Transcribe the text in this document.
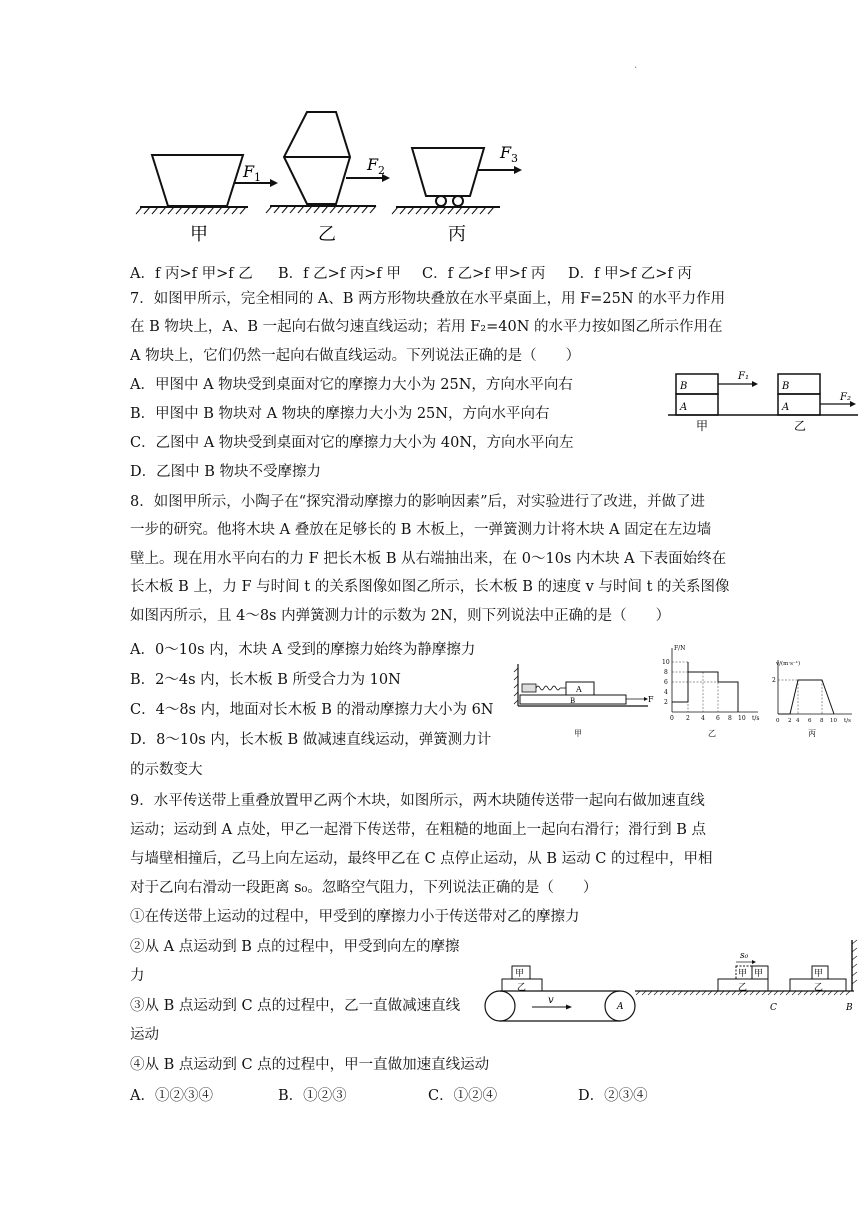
.
F 1
甲
F 2
乙
F 3
丙
A．f 丙>f 甲>f 乙 B．f 乙>f 丙>f 甲 C．f 乙>f 甲>f 丙 D．f 甲>f 乙>f 丙
7．如图甲所示，完全相同的 A、B 两方形物块叠放在水平桌面上，用 F=25N 的水平力作用
在 B 物块上，A、B 一起向右做匀速直线运动；若用 F₂=40N 的水平力按如图乙所示作用在
A 物块上，它们仍然一起向右做直线运动。下列说法正确的是（　　）
A．甲图中 A 物块受到桌面对它的摩擦力大小为 25N，方向水平向右
B．甲图中 B 物块对 A 物块的摩擦力大小为 25N，方向水平向右
C．乙图中 A 物块受到桌面对它的摩擦力大小为 40N，方向水平向左
D．乙图中 B 物块不受摩擦力
B
A
F₁
甲
B
A
F₂
乙
8．如图甲所示，小陶子在“探究滑动摩擦力的影响因素”后，对实验进行了改进，并做了进
一步的研究。他将木块 A 叠放在足够长的 B 木板上，一弹簧测力计将木块 A 固定在左边墙
壁上。现在用水平向右的力 F 把长木板 B 从右端抽出来，在 0～10s 内木块 A 下表面始终在
长木板 B 上，力 F 与时间 t 的关系图像如图乙所示，长木板 B 的速度 v 与时间 t 的关系图像
如图丙所示，且 4～8s 内弹簧测力计的示数为 2N，则下列说法中正确的是（　　）
A．0～10s 内，木块 A 受到的摩擦力始终为静摩擦力
B．2～4s 内，长木板 B 所受合力为 10N
C．4～8s 内，地面对长木板 B 的滑动摩擦力大小为 6N
D．8～10s 内，长木板 B 做减速直线运动，弹簧测力计
的示数变大
B
A
F
甲
F/N
10
8
6
4
2
0 2 4 6 8 10 t/s
乙
v/(m·s⁻¹)
2
0 2 4 6 8 10 t/s
丙
9．水平传送带上重叠放置甲乙两个木块，如图所示，两木块随传送带一起向右做加速直线
运动；运动到 A 点处，甲乙一起滑下传送带，在粗糙的地面上一起向右滑行；滑行到 B 点
与墙壁相撞后，乙马上向左运动，最终甲乙在 C 点停止运动，从 B 运动 C 的过程中，甲相
对于乙向右滑动一段距离 s₀。忽略空气阻力，下列说法正确的是（　　）
①在传送带上运动的过程中，甲受到的摩擦力小于传送带对乙的摩擦力
②从 A 点运动到 B 点的过程中，甲受到向左的摩擦
力
③从 B 点运动到 C 点的过程中，乙一直做减速直线
运动
④从 B 点运动到 C 点的过程中，甲一直做加速直线运动
A．①②③④	B．①②③	C．①②④	D．②③④
v
A
甲
乙
B
甲 甲
乙
s₀
C
甲
乙
